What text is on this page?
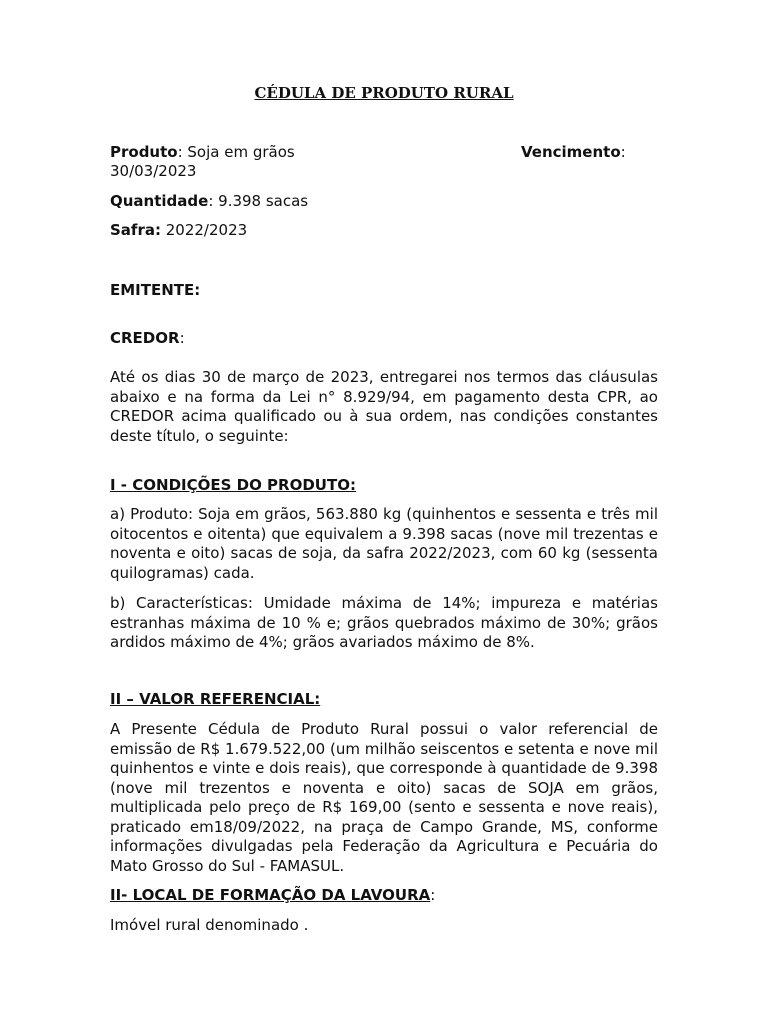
CÉDULA DE PRODUTO RURAL
Produto: Soja em grãos	Vencimento:
30/03/2023
Quantidade: 9.398 sacas
Safra: 2022/2023
EMITENTE:
CREDOR:
Até os dias 30 de março de 2023, entregarei nos termos das cláusulas abaixo e na forma da Lei n° 8.929/94, em pagamento desta CPR, ao CREDOR acima qualificado ou à sua ordem, nas condições constantes deste título, o seguinte:
I - CONDIÇÕES DO PRODUTO:
a) Produto: Soja em grãos, 563.880 kg (quinhentos e sessenta e três mil oitocentos e oitenta) que equivalem a 9.398 sacas (nove mil trezentas e noventa e oito) sacas de soja, da safra 2022/2023, com 60 kg (sessenta quilogramas) cada.
b) Características: Umidade máxima de 14%; impureza e matérias estranhas máxima de 10 % e; grãos quebrados máximo de 30%; grãos ardidos máximo de 4%; grãos avariados máximo de 8%.
II – VALOR REFERENCIAL:
A Presente Cédula de Produto Rural possui o valor referencial de emissão de R$ 1.679.522,00 (um milhão seiscentos e setenta e nove mil quinhentos e vinte e dois reais), que corresponde à quantidade de 9.398 (nove mil trezentos e noventa e oito) sacas de SOJA em grãos, multiplicada pelo preço de R$ 169,00 (sento e sessenta e nove reais), praticado em18/09/2022, na praça de Campo Grande, MS, conforme informações divulgadas pela Federação da Agricultura e Pecuária do Mato Grosso do Sul - FAMASUL.
II- LOCAL DE FORMAÇÃO DA LAVOURA:
Imóvel rural denominado .
